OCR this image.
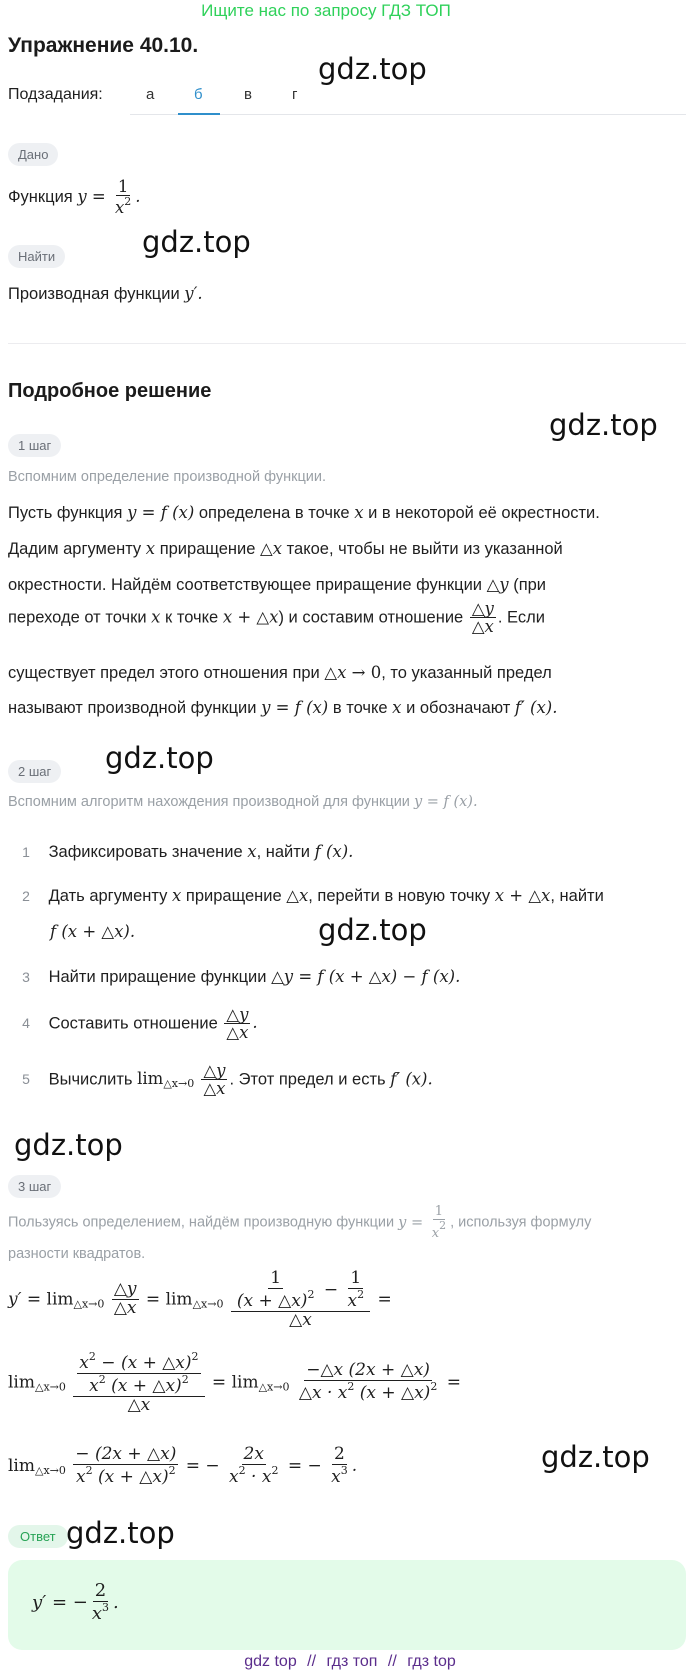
Ищите нас по запросу ГДЗ ТОП
Упражнение 40.10.
gdz.top
Подзадания:	а	б	в	г
Дано
Функция $y = \frac{1}{x^2}$ .
gdz.top
Найти
Производная функции y′.
Подробное решение
gdz.top
1 шаг
Вспомним определение производной функции.
Пусть функция y = f (x) определена в точке x и в некоторой её окрестности.
Дадим аргументу x приращение △x такое, чтобы не выйти из указанной
окрестности. Найдём соответствующее приращение функции △y (при
переходе от точки x к точке x + △x) и составим отношение $\frac{\triangle y}{\triangle x}$ . Если
существует предел этого отношения при △x → 0, то указанный предел
называют производной функции y = f (x) в точке x и обозначают f′ (x).
gdz.top
2 шаг
Вспомним алгоритм нахождения производной для функции y = f (x).
1 Зафиксировать значение x, найти f (x).
2 Дать аргументу x приращение △x, перейти в новую точку x + △x, найти
f (x + △x).	gdz.top
3 Найти приращение функции △y = f (x + △x) − f (x).
4 Составить отношение $\frac{\triangle y}{\triangle x}$ .
5 Вычислить $\lim_{\triangle x\to 0} \frac{\triangle y}{\triangle x}$ . Этот предел и есть f′ (x).
gdz.top
3 шаг
Пользуясь определением, найдём производную функции $y = \frac{1}{x^2}$ , используя формулу
разности квадратов.
$y' = \lim_{\triangle x\to 0} \frac{\triangle y}{\triangle x} = \lim_{\triangle x\to 0} \frac{\frac{1}{(x + \triangle x)^2} - \frac{1}{x^2}}{\triangle x}$ =
$\lim_{\triangle x\to 0} \frac{\frac{x^2 - (x + \triangle x)^2}{x^2 (x + \triangle x)^2}}{\triangle x} = \lim_{\triangle x\to 0} \frac{-\triangle x (2x + \triangle x)}{\triangle x \cdot x^2 (x + \triangle x)^2}$ =
$\lim_{\triangle x\to 0} \frac{- (2x + \triangle x)}{x^2 (x + \triangle x)^2}$ = − $\frac{2x}{x^2 \cdot x^2}$ = − $\frac{2}{x^3}$ .	gdz.top
Ответ gdz.top
y′ = − $\frac{2}{x^3}$ .
gdz top // гдз топ // гдз top
